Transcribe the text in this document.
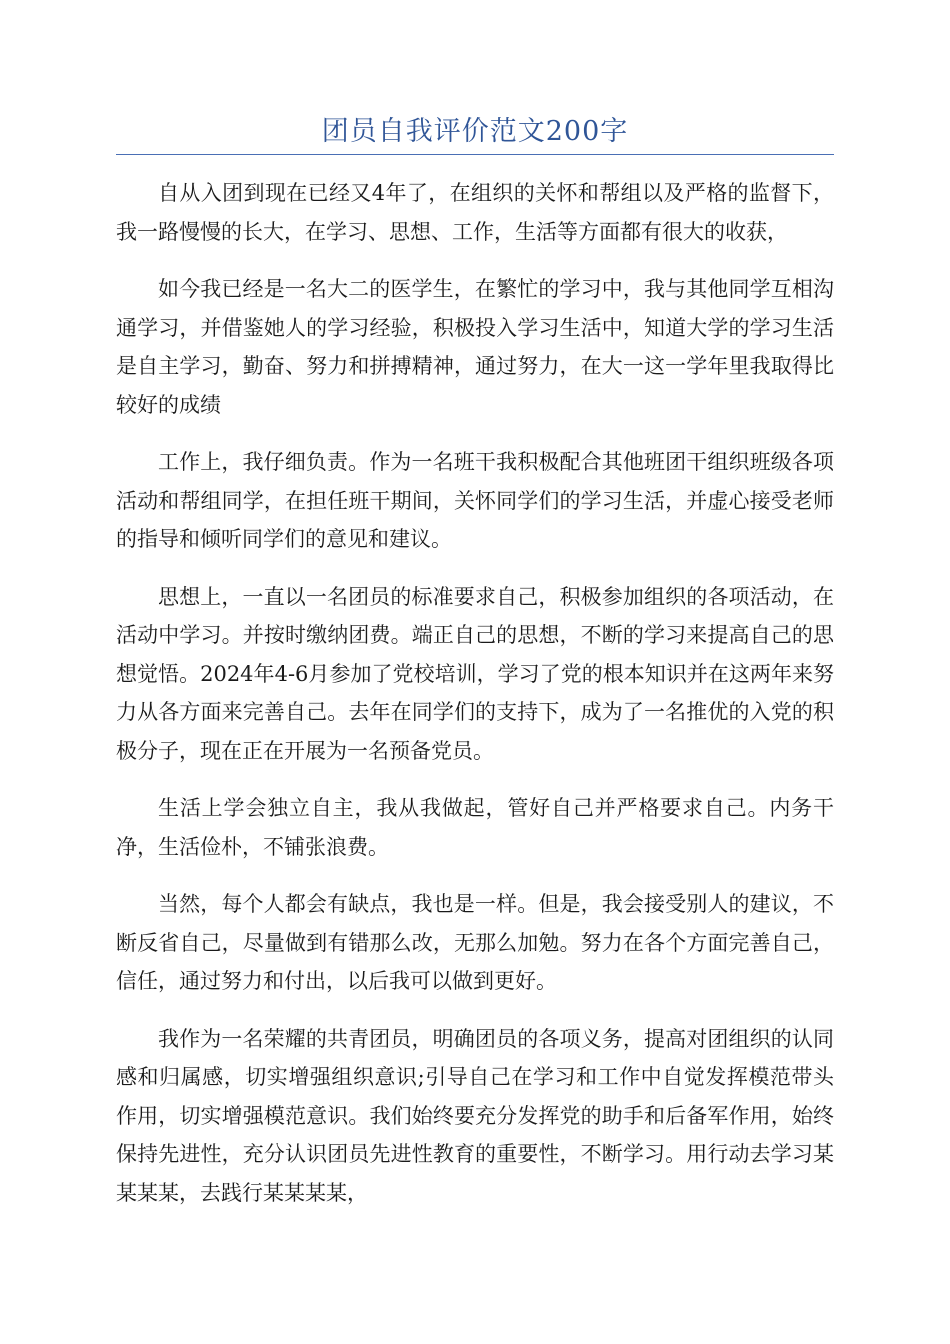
团员自我评价范文200字

自从入团到现在已经又4年了，在组织的关怀和帮组以及严格的监督下，我一路慢慢的长大，在学习、思想、工作，生活等方面都有很大的收获，

如今我已经是一名大二的医学生，在繁忙的学习中，我与其他同学互相沟通学习，并借鉴她人的学习经验，积极投入学习生活中，知道大学的学习生活是自主学习，勤奋、努力和拼搏精神，通过努力，在大一这一学年里我取得比较好的成绩

工作上，我仔细负责。作为一名班干我积极配合其他班团干组织班级各项活动和帮组同学，在担任班干期间，关怀同学们的学习生活，并虚心接受老师的指导和倾听同学们的意见和建议。

思想上，一直以一名团员的标准要求自己，积极参加组织的各项活动，在活动中学习。并按时缴纳团费。端正自己的思想，不断的学习来提高自己的思想觉悟。2024年4-6月参加了党校培训，学习了党的根本知识并在这两年来努力从各方面来完善自己。去年在同学们的支持下，成为了一名推优的入党的积极分子，现在正在开展为一名预备党员。

生活上学会独立自主，我从我做起，管好自己并严格要求自己。内务干净，生活俭朴，不铺张浪费。

当然，每个人都会有缺点，我也是一样。但是，我会接受别人的建议，不断反省自己，尽量做到有错那么改，无那么加勉。努力在各个方面完善自己，信任，通过努力和付出，以后我可以做到更好。

我作为一名荣耀的共青团员，明确团员的各项义务，提高对团组织的认同感和归属感，切实增强组织意识;引导自己在学习和工作中自觉发挥模范带头作用，切实增强模范意识。我们始终要充分发挥党的助手和后备军作用，始终保持先进性，充分认识团员先进性教育的重要性，不断学习。用行动去学习某某某某，去践行某某某某，
